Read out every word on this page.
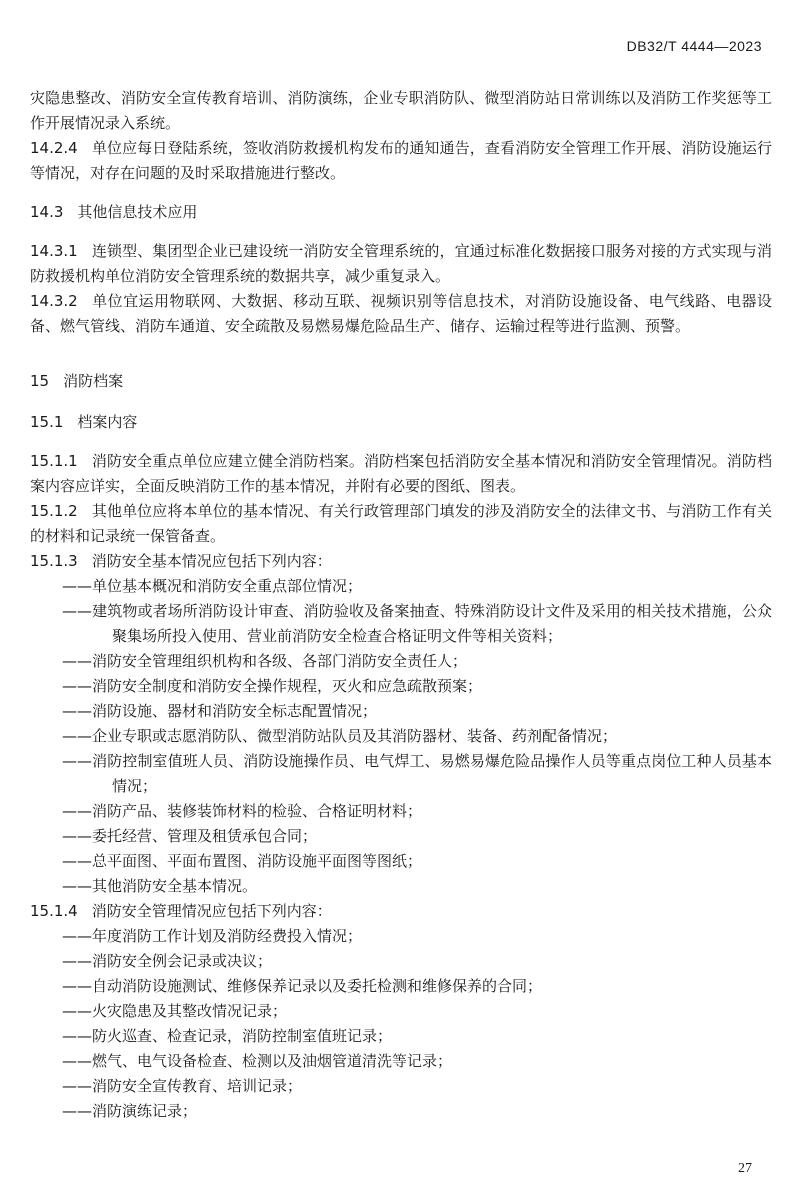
DB32/T 4444—2023

灾隐患整改、消防安全宣传教育培训、消防演练，企业专职消防队、微型消防站日常训练以及消防工作奖惩等工作开展情况录入系统。

14.2.4 单位应每日登陆系统，签收消防救援机构发布的通知通告，查看消防安全管理工作开展、消防设施运行等情况，对存在问题的及时采取措施进行整改。

14.3 其他信息技术应用

14.3.1 连锁型、集团型企业已建设统一消防安全管理系统的，宜通过标准化数据接口服务对接的方式实现与消防救援机构单位消防安全管理系统的数据共享，减少重复录入。

14.3.2 单位宜运用物联网、大数据、移动互联、视频识别等信息技术，对消防设施设备、电气线路、电器设备、燃气管线、消防车通道、安全疏散及易燃易爆危险品生产、储存、运输过程等进行监测、预警。

15 消防档案

15.1 档案内容

15.1.1 消防安全重点单位应建立健全消防档案。消防档案包括消防安全基本情况和消防安全管理情况。消防档案内容应详实，全面反映消防工作的基本情况，并附有必要的图纸、图表。

15.1.2 其他单位应将本单位的基本情况、有关行政管理部门填发的涉及消防安全的法律文书、与消防工作有关的材料和记录统一保管备查。

15.1.3 消防安全基本情况应包括下列内容：

——单位基本概况和消防安全重点部位情况；

——建筑物或者场所消防设计审查、消防验收及备案抽查、特殊消防设计文件及采用的相关技术措施，公众聚集场所投入使用、营业前消防安全检查合格证明文件等相关资料；

——消防安全管理组织机构和各级、各部门消防安全责任人；

——消防安全制度和消防安全操作规程，灭火和应急疏散预案；

——消防设施、器材和消防安全标志配置情况；

——企业专职或志愿消防队、微型消防站队员及其消防器材、装备、药剂配备情况；

——消防控制室值班人员、消防设施操作员、电气焊工、易燃易爆危险品操作人员等重点岗位工种人员基本情况；

——消防产品、装修装饰材料的检验、合格证明材料；

——委托经营、管理及租赁承包合同；

——总平面图、平面布置图、消防设施平面图等图纸；

——其他消防安全基本情况。

15.1.4 消防安全管理情况应包括下列内容：

——年度消防工作计划及消防经费投入情况；

——消防安全例会记录或决议；

——自动消防设施测试、维修保养记录以及委托检测和维修保养的合同；

——火灾隐患及其整改情况记录；

——防火巡查、检查记录，消防控制室值班记录；

——燃气、电气设备检查、检测以及油烟管道清洗等记录；

——消防安全宣传教育、培训记录；

——消防演练记录；

27
